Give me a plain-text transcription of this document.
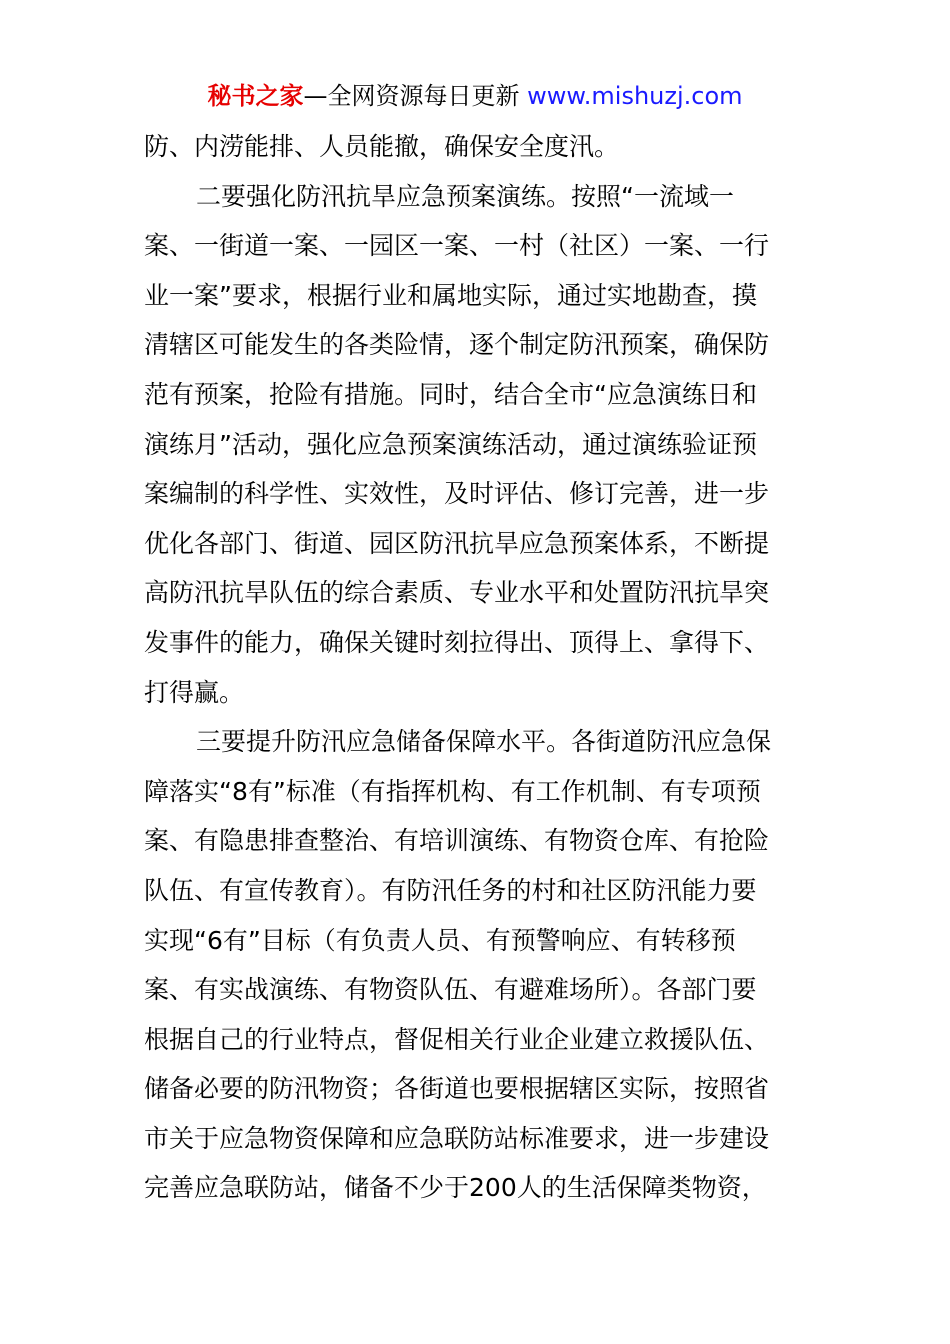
秘书之家—全网资源每日更新 www.mishuzj.com
防、内涝能排、人员能撤，确保安全度汛。
二要强化防汛抗旱应急预案演练。按照“一流域一
案、一街道一案、一园区一案、一村（社区）一案、一行
业一案”要求，根据行业和属地实际，通过实地勘查，摸
清辖区可能发生的各类险情，逐个制定防汛预案，确保防
范有预案，抢险有措施。同时，结合全市“应急演练日和
演练月”活动，强化应急预案演练活动，通过演练验证预
案编制的科学性、实效性，及时评估、修订完善，进一步
优化各部门、街道、园区防汛抗旱应急预案体系，不断提
高防汛抗旱队伍的综合素质、专业水平和处置防汛抗旱突
发事件的能力，确保关键时刻拉得出、顶得上、拿得下、
打得赢。
三要提升防汛应急储备保障水平。各街道防汛应急保
障落实“8有”标准（有指挥机构、有工作机制、有专项预
案、有隐患排查整治、有培训演练、有物资仓库、有抢险
队伍、有宣传教育）。有防汛任务的村和社区防汛能力要
实现“6有”目标（有负责人员、有预警响应、有转移预
案、有实战演练、有物资队伍、有避难场所）。各部门要
根据自己的行业特点，督促相关行业企业建立救援队伍、
储备必要的防汛物资；各街道也要根据辖区实际，按照省
市关于应急物资保障和应急联防站标准要求，进一步建设
完善应急联防站，储备不少于200人的生活保障类物资，
